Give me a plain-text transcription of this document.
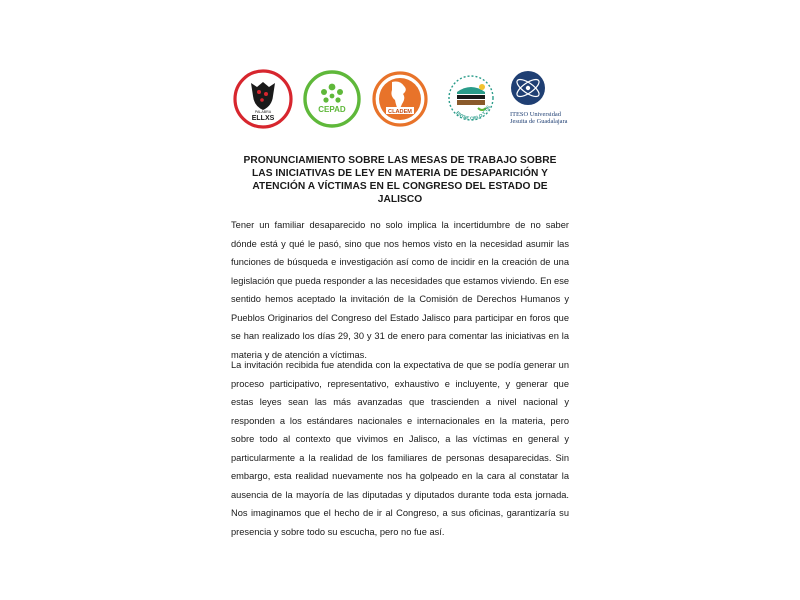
PALABRA
ELLXS
CEPAD	CLADEM	ENTRE CIELO Y TIE
ITESO Universidad
Jesuita de Guadalajara
PRONUNCIAMIENTO SOBRE LAS MESAS DE TRABAJO SOBRE LAS INICIATIVAS DE LEY EN MATERIA DE DESAPARICIÓN Y ATENCIÓN A VÍCTIMAS EN EL CONGRESO DEL ESTADO DE JALISCO

Tener un familiar desaparecido no solo implica la incertidumbre de no saber dónde está y qué le pasó, sino que nos hemos visto en la necesidad asumir las funciones de búsqueda e investigación así como de incidir en la creación de una legislación que pueda responder a las necesidades que estamos viviendo. En ese sentido hemos aceptado la invitación de la Comisión de Derechos Humanos y Pueblos Originarios del Congreso del Estado Jalisco para participar en foros que se han realizado los días 29, 30 y 31 de enero para comentar las iniciativas en la materia y de atención a víctimas.

La invitación recibida fue atendida con la expectativa de que se podía generar un proceso participativo, representativo, exhaustivo e incluyente, y generar que estas leyes sean las más avanzadas que trascienden a nivel nacional y responden a los estándares nacionales e internacionales en la materia, pero sobre todo al contexto que vivimos en Jalisco, a las víctimas en general y particularmente a la realidad de los familiares de personas desaparecidas. Sin embargo, esta realidad nuevamente nos ha golpeado en la cara al constatar la ausencia de la mayoría de las diputadas y diputados durante toda esta jornada. Nos imaginamos que el hecho de ir al Congreso, a sus oficinas, garantizaría su presencia y sobre todo su escucha, pero no fue así.
